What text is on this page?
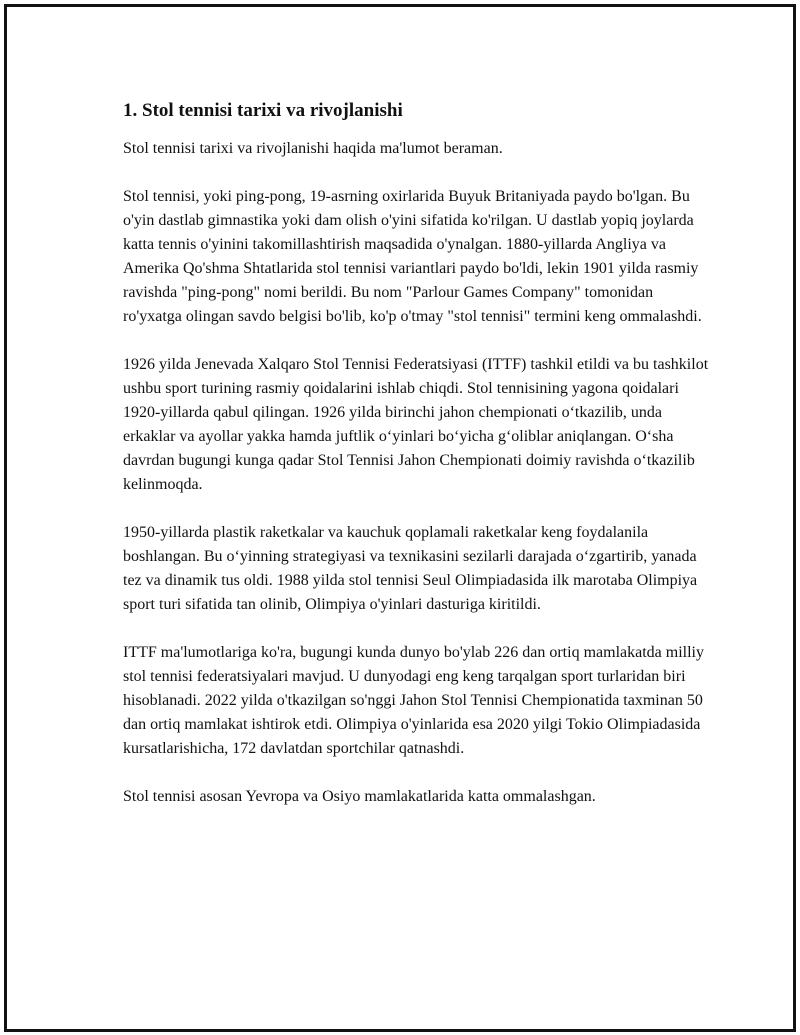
1. Stol tennisi tarixi va rivojlanishi

Stol tennisi tarixi va rivojlanishi haqida ma'lumot beraman.

Stol tennisi, yoki ping-pong, 19-asrning oxirlarida Buyuk Britaniyada paydo bo'lgan. Bu o'yin dastlab gimnastika yoki dam olish o'yini sifatida ko'rilgan. U dastlab yopiq joylarda katta tennis o'yinini takomillashtirish maqsadida o'ynalgan. 1880-yillarda Angliya va Amerika Qo'shma Shtatlarida stol tennisi variantlari paydo bo'ldi, lekin 1901 yilda rasmiy ravishda "ping-pong" nomi berildi. Bu nom "Parlour Games Company" tomonidan ro'yxatga olingan savdo belgisi bo'lib, ko'p o'tmay "stol tennisi" termini keng ommalashdi.

1926 yilda Jenevada Xalqaro Stol Tennisi Federatsiyasi (ITTF) tashkil etildi va bu tashkilot ushbu sport turining rasmiy qoidalarini ishlab chiqdi. Stol tennisining yagona qoidalari 1920-yillarda qabul qilingan. 1926 yilda birinchi jahon chempionati o‘tkazilib, unda erkaklar va ayollar yakka hamda juftlik o‘yinlari bo‘yicha g‘oliblar aniqlangan. O‘sha davrdan bugungi kunga qadar Stol Tennisi Jahon Chempionati doimiy ravishda o‘tkazilib kelinmoqda.

1950-yillarda plastik raketkalar va kauchuk qoplamali raketkalar keng foydalanila boshlangan. Bu o‘yinning strategiyasi va texnikasini sezilarli darajada o‘zgartirib, yanada tez va dinamik tus oldi. 1988 yilda stol tennisi Seul Olimpiadasida ilk marotaba Olimpiya sport turi sifatida tan olinib, Olimpiya o'yinlari dasturiga kiritildi.

ITTF ma'lumotlariga ko'ra, bugungi kunda dunyo bo'ylab 226 dan ortiq mamlakatda milliy stol tennisi federatsiyalari mavjud. U dunyodagi eng keng tarqalgan sport turlaridan biri hisoblanadi. 2022 yilda o'tkazilgan so'nggi Jahon Stol Tennisi Chempionatida taxminan 50 dan ortiq mamlakat ishtirok etdi. Olimpiya o'yinlarida esa 2020 yilgi Tokio Olimpiadasida kursatlarishicha, 172 davlatdan sportchilar qatnashdi.

Stol tennisi asosan Yevropa va Osiyo mamlakatlarida katta ommalashgan.
